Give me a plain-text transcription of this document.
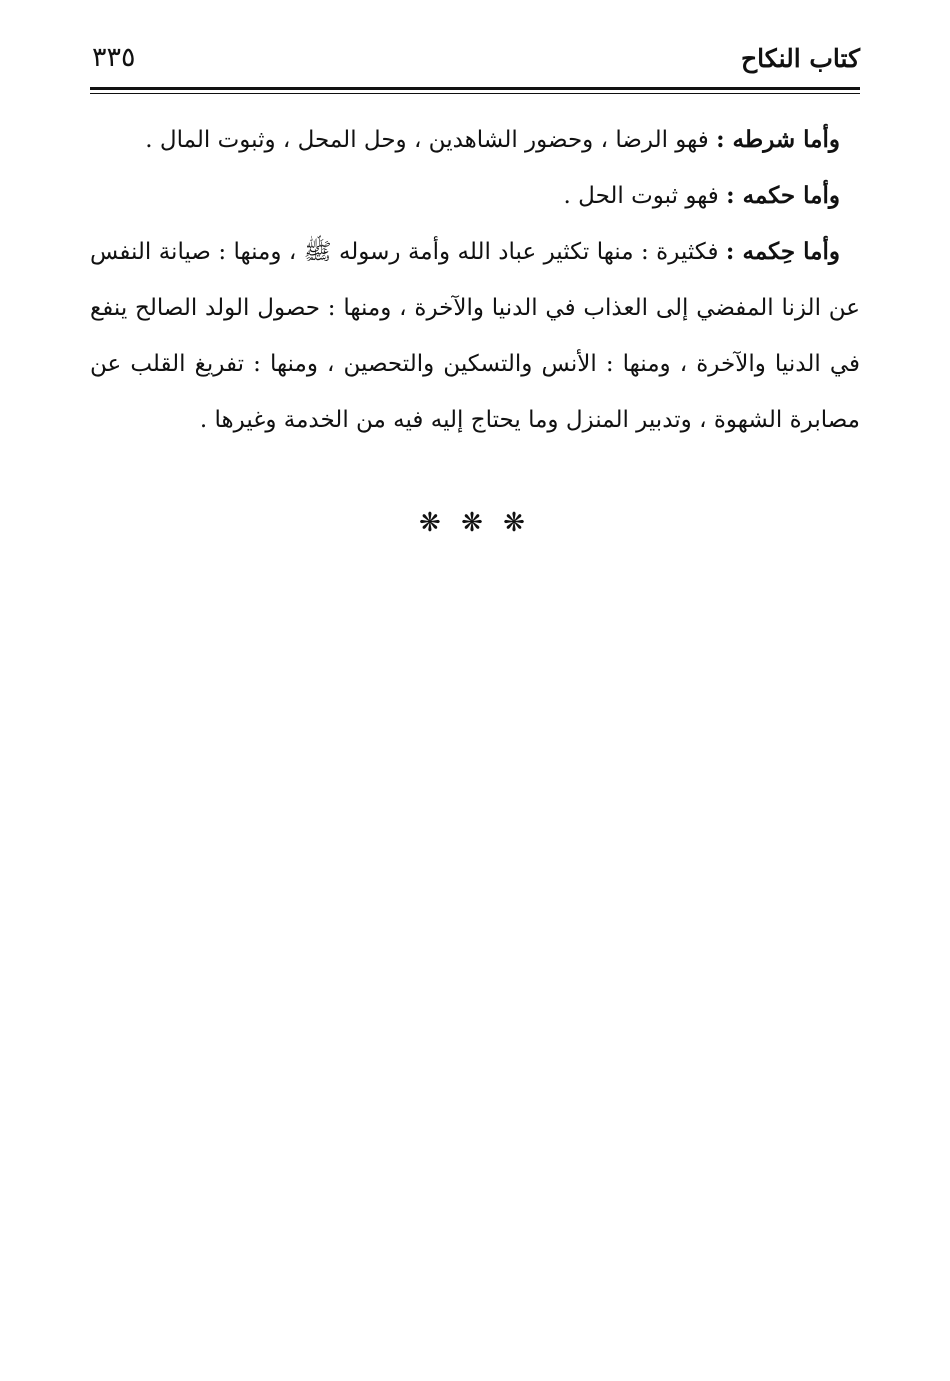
كتاب النكاح
٣٣٥

وأما شرطه : فهو الرضا ، وحضور الشاهدين ، وحل المحل ، وثبوت المال .

وأما حكمه : فهو ثبوت الحل .

وأما حِكمه : فكثيرة : منها تكثير عباد الله وأمة رسوله ﷺ ، ومنها : صيانة النفس عن الزنا المفضي إلى العذاب في الدنيا والآخرة ، ومنها : حصول الولد الصالح ينفع في الدنيا والآخرة ، ومنها : الأنس والتسكين والتحصين ، ومنها : تفريغ القلب عن مصابرة الشهوة ، وتدبير المنزل وما يحتاج إليه فيه من الخدمة وغيرها .

❋ ❋ ❋
